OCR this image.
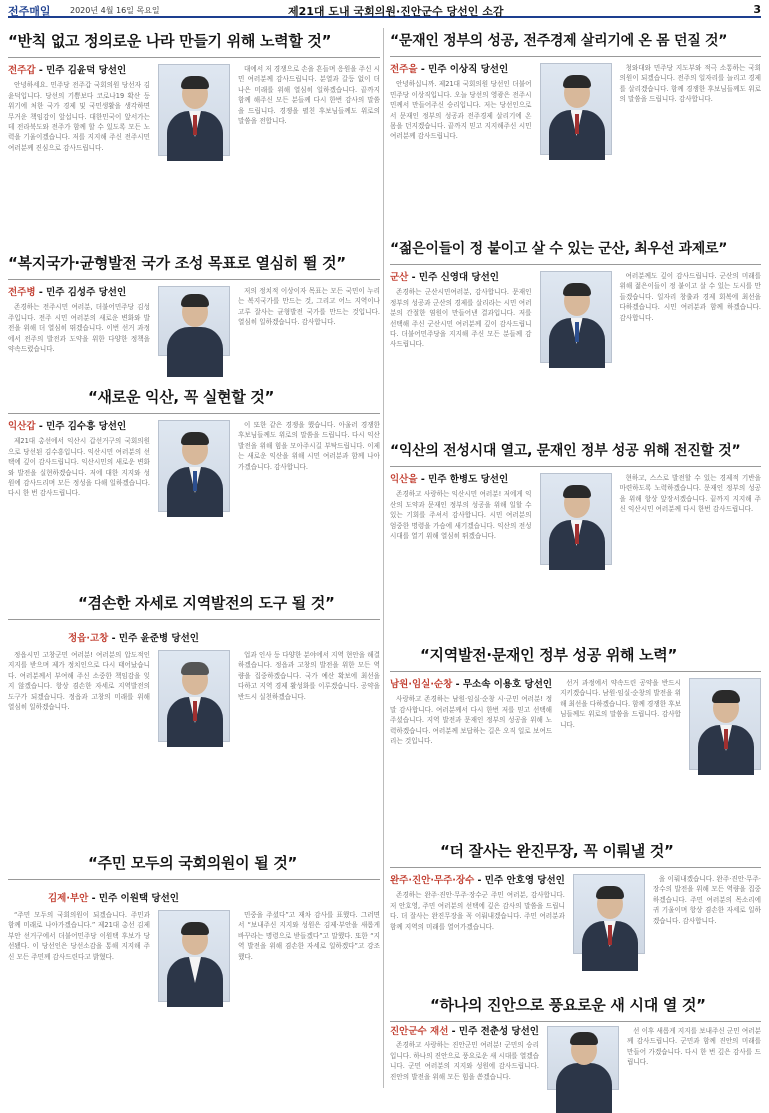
전주매일 2020년 4월 16일 목요일	제21대 도내 국회의원·진안군수 당선인 소감	3
“반칙 없고 정의로운 나라 만들기 위해 노력할 것”
전주갑 - 민주 김윤덕 당선인

안녕하세요. 민주당 전주갑 국회의원 당선자 김윤덕입니다. 당선의 기쁨보다 코로나19 확산 등 위기에 처한 국가 경제 및 국민생활을 생각하면 무거운 책임감이 앞섭니다. 대한민국이 앞서가는 데 전라북도와 전주가 함께 할 수 있도록 모든 노력을 기울이겠습니다. 저를 지지해 주신 전주시민 여러분께 진심으로 감사드립니다.

대에서 저 경쟁으로 손을 흔들며 응원을 주신 시민 여러분께 감사드립니다. 분열과 갈등 없이 더 나은 미래를 위해 열심히 일하겠습니다. 끝까지 함께 해주신 모든 분들께 다시 한번 감사의 말씀을 드립니다. 경쟁을 펼친 후보님들께도 위로의 말씀을 전합니다.

“복지국가·균형발전 국가 조성 목표로 열심히 뛸 것”
전주병 - 민주 김성주 당선인

존경하는 전주시민 여러분, 더불어민주당 김성주입니다. 전주 시민 여러분의 새로운 변화와 발전을 위해 더 열심히 뛰겠습니다. 이번 선거 과정에서 전주의 발전과 도약을 위한 다양한 정책을 약속드렸습니다.

저의 정치적 이상이자 목표는 모든 국민이 누리는 복지국가를 만드는 것, 그리고 어느 지역이나 고루 잘사는 균형발전 국가를 만드는 것입니다. 열심히 일하겠습니다. 감사합니다.

“새로운 익산, 꼭 실현할 것”
익산갑 - 민주 김수흥 당선인

제21대 총선에서 익산시 갑선거구의 국회의원으로 당선된 김수흥입니다. 익산시민 여러분의 선택에 깊이 감사드립니다. 익산시민의 새로운 변화와 발전을 실현하겠습니다. 저에 대한 지지와 성원에 감사드리며 모든 정성을 다해 일하겠습니다. 다시 한 번 감사드립니다.

이 또한 같은 경쟁을 했습니다. 아울러 경쟁한 후보님들께도 위로의 말씀을 드립니다. 다시 익산 발전을 위해 힘을 모아주시길 부탁드립니다. 이제는 새로운 익산을 위해 시민 여러분과 함께 나아가겠습니다. 감사합니다.

“겸손한 자세로 지역발전의 도구 될 것”
정읍·고창 - 민주 윤준병 당선인

정읍시민 고창군민 여러분! 여러분의 압도적인 지지를 받으며 제가 정치인으로 다시 태어났습니다. 여러분께서 부여해 주신 소중한 책임감을 잊지 않겠습니다. 항상 겸손한 자세로 지역발전의 도구가 되겠습니다. 정읍과 고창의 미래를 위해 열심히 일하겠습니다.

업과 인사 등 다양한 분야에서 지역 현안을 해결하겠습니다. 정읍과 고창의 발전을 위한 모든 역량을 집중하겠습니다. 국가 예산 확보에 최선을 다하고 지역 경제 활성화를 이루겠습니다. 공약을 반드시 실천하겠습니다.

“주민 모두의 국회의원이 될 것”
김제·부안 - 민주 이원택 당선인

“주민 모두의 국회의원이 되겠습니다. 주민과 함께 미래로 나아가겠습니다.” 제21대 총선 김제부안 선거구에서 더불어민주당 이원택 후보가 당선됐다. 이 당선인은 당선소감을 통해 지지해 주신 모든 주민께 감사드린다고 밝혔다.

민중을 주셨다”고 재차 감사를 표했다. 그러면서 “보내주신 지지와 성원은 김제·부안을 새롭게 바꾸라는 명령으로 받들겠다”고 말했다. 또한 “지역 발전을 위해 겸손한 자세로 일하겠다”고 강조했다.

“문재인 정부의 성공, 전주경제 살리기에 온 몸 던질 것”
전주을 - 민주 이상직 당선인

안녕하십니까. 제21대 국회의원 당선인 더불어민주당 이상직입니다. 오늘 당선의 영광은 전주시민께서 만들어주신 승리입니다. 저는 당선인으로서 문재인 정부의 성공과 전주경제 살리기에 온 몸을 던지겠습니다. 끝까지 믿고 지지해주신 시민 여러분께 감사드립니다.

청와대와 민주당 지도부와 적극 소통하는 국회의원이 되겠습니다. 전주의 일자리를 늘리고 경제를 살리겠습니다. 함께 경쟁한 후보님들께도 위로의 말씀을 드립니다. 감사합니다.

“젊은이들이 정 붙이고 살 수 있는 군산, 최우선 과제로”
군산 - 민주 신영대 당선인

존경하는 군산시민여러분, 감사합니다. 문재인 정부의 성공과 군산의 경제를 살리라는 시민 여러분의 간절한 염원이 만들어낸 결과입니다. 저를 선택해 주신 군산시민 여러분께 깊이 감사드립니다. 더불어민주당을 지지해 주신 모든 분들께 감사드립니다.

여러분께도 깊이 감사드립니다. 군산의 미래를 위해 젊은이들이 정 붙이고 살 수 있는 도시를 만들겠습니다. 일자리 창출과 경제 회복에 최선을 다하겠습니다. 시민 여러분과 함께 하겠습니다. 감사합니다.

“익산의 전성시대 열고, 문재인 정부 성공 위해 전진할 것”
익산을 - 민주 한병도 당선인

존경하고 사랑하는 익산시민 여러분! 저에게 익산의 도약과 문재인 정부의 성공을 위해 일할 수 있는 기회를 주셔서 감사합니다. 시민 여러분의 엄중한 명령을 가슴에 새기겠습니다. 익산의 전성시대를 열기 위해 열심히 뛰겠습니다.

현하고, 스스로 발전할 수 있는 경제적 기반을 마련하도록 노력하겠습니다. 문재인 정부의 성공을 위해 항상 앞장서겠습니다. 끝까지 지지해 주신 익산시민 여러분께 다시 한번 감사드립니다.

“지역발전·문재인 정부 성공 위해 노력”
남원·임실·순창 - 무소속 이용호 당선인

사랑하고 존경하는 남원·임실·순창 시·군민 여러분! 정말 감사합니다. 여러분께서 다시 한번 저를 믿고 선택해 주셨습니다. 지역 발전과 문재인 정부의 성공을 위해 노력하겠습니다. 여러분께 보답하는 길은 오직 일로 보여드리는 것입니다.

선거 과정에서 약속드린 공약을 반드시 지키겠습니다. 남원·임실·순창의 발전을 위해 최선을 다하겠습니다. 함께 경쟁한 후보님들께도 위로의 말씀을 드립니다. 감사합니다.

“더 잘사는 완진무장, 꼭 이뤄낼 것”
완주·진안·무주·장수 - 민주 안호영 당선인

존경하는 완주·진안·무주·장수군 주민 여러분, 감사합니다. 저 안호영, 주민 여러분의 선택에 깊은 감사의 말씀을 드립니다. 더 잘사는 완진무장을 꼭 이뤄내겠습니다. 주민 여러분과 함께 지역의 미래를 열어가겠습니다.

을 이뤄내겠습니다. 완주·진안·무주·장수의 발전을 위해 모든 역량을 집중하겠습니다. 주민 여러분의 목소리에 귀 기울이며 항상 겸손한 자세로 일하겠습니다. 감사합니다.

“하나의 진안으로 풍요로운 새 시대 열 것”
진안군수 재선 - 민주 전춘성 당선인

존경하고 사랑하는 진안군민 여러분! 군민의 승리입니다. 하나의 진안으로 풍요로운 새 시대를 열겠습니다. 군민 여러분의 지지와 성원에 감사드립니다. 진안의 발전을 위해 모든 힘을 쏟겠습니다.

선 이후 새롭게 지지를 보내주신 군민 여러분께 감사드립니다. 군민과 함께 진안의 미래를 만들어 가겠습니다. 다시 한 번 깊은 감사를 드립니다.
